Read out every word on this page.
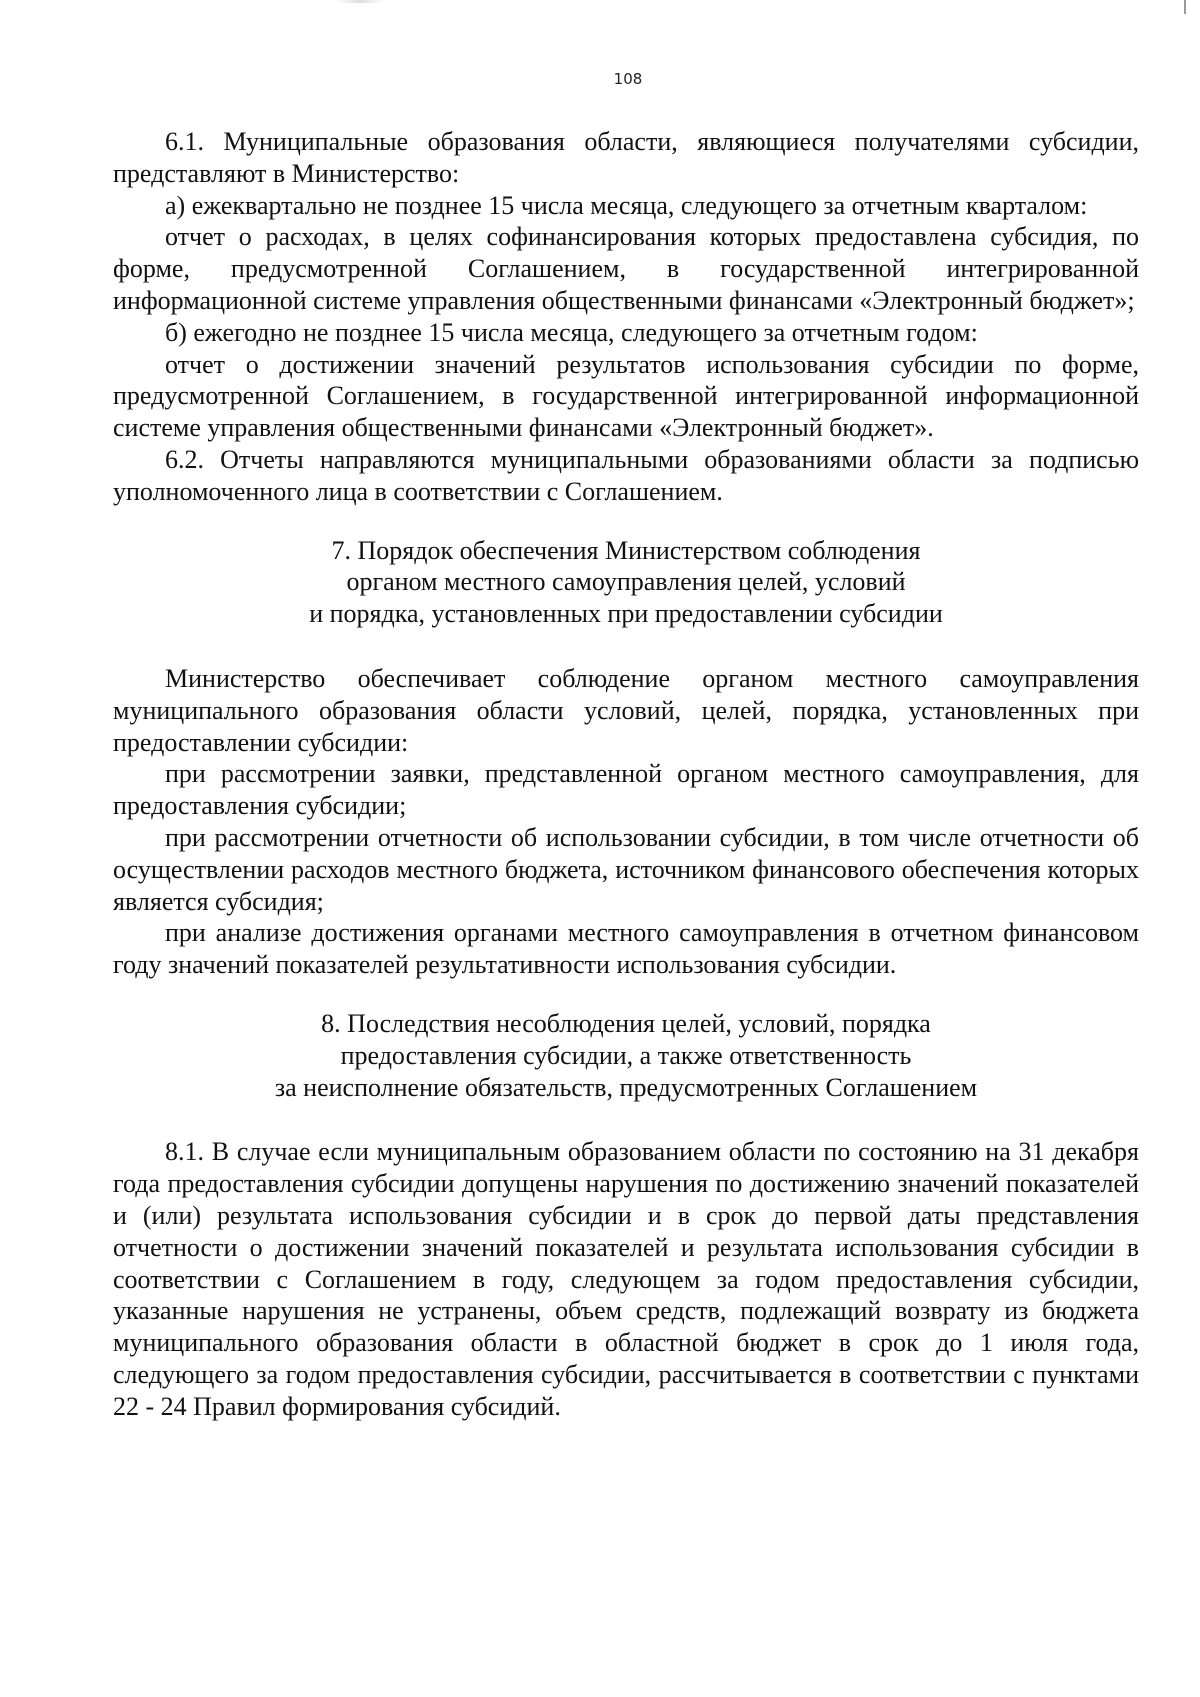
108

6.1. Муниципальные образования области, являющиеся получателями субсидии, представляют в Министерство:

а) ежеквартально не позднее 15 числа месяца, следующего за отчетным кварталом:

отчет о расходах, в целях софинансирования которых предоставлена субсидия, по форме, предусмотренной Соглашением, в государственной интегрированной информационной системе управления общественными финансами «Электронный бюджет»;

б) ежегодно не позднее 15 числа месяца, следующего за отчетным годом:

отчет о достижении значений результатов использования субсидии по форме, предусмотренной Соглашением, в государственной интегрированной информационной системе управления общественными финансами «Электронный бюджет».

6.2. Отчеты направляются муниципальными образованиями области за подписью уполномоченного лица в соответствии с Соглашением.

7. Порядок обеспечения Министерством соблюдения
органом местного самоуправления целей, условий
и порядка, установленных при предоставлении субсидии

Министерство обеспечивает соблюдение органом местного самоуправления муниципального образования области условий, целей, порядка, установленных при предоставлении субсидии:

при рассмотрении заявки, представленной органом местного самоуправления, для предоставления субсидии;

при рассмотрении отчетности об использовании субсидии, в том числе отчетности об осуществлении расходов местного бюджета, источником финансового обеспечения которых является субсидия;

при анализе достижения органами местного самоуправления в отчетном финансовом году значений показателей результативности использования субсидии.

8. Последствия несоблюдения целей, условий, порядка
предоставления субсидии, а также ответственность
за неисполнение обязательств, предусмотренных Соглашением

8.1. В случае если муниципальным образованием области по состоянию на 31 декабря года предоставления субсидии допущены нарушения по достижению значений показателей и (или) результата использования субсидии и в срок до первой даты представления отчетности о достижении значений показателей и результата использования субсидии в соответствии с Соглашением в году, следующем за годом предоставления субсидии, указанные нарушения не устранены, объем средств, подлежащий возврату из бюджета муниципального образования области в областной бюджет в срок до 1 июля года, следующего за годом предоставления субсидии, рассчитывается в соответствии с пунктами 22 - 24 Правил формирования субсидий.
